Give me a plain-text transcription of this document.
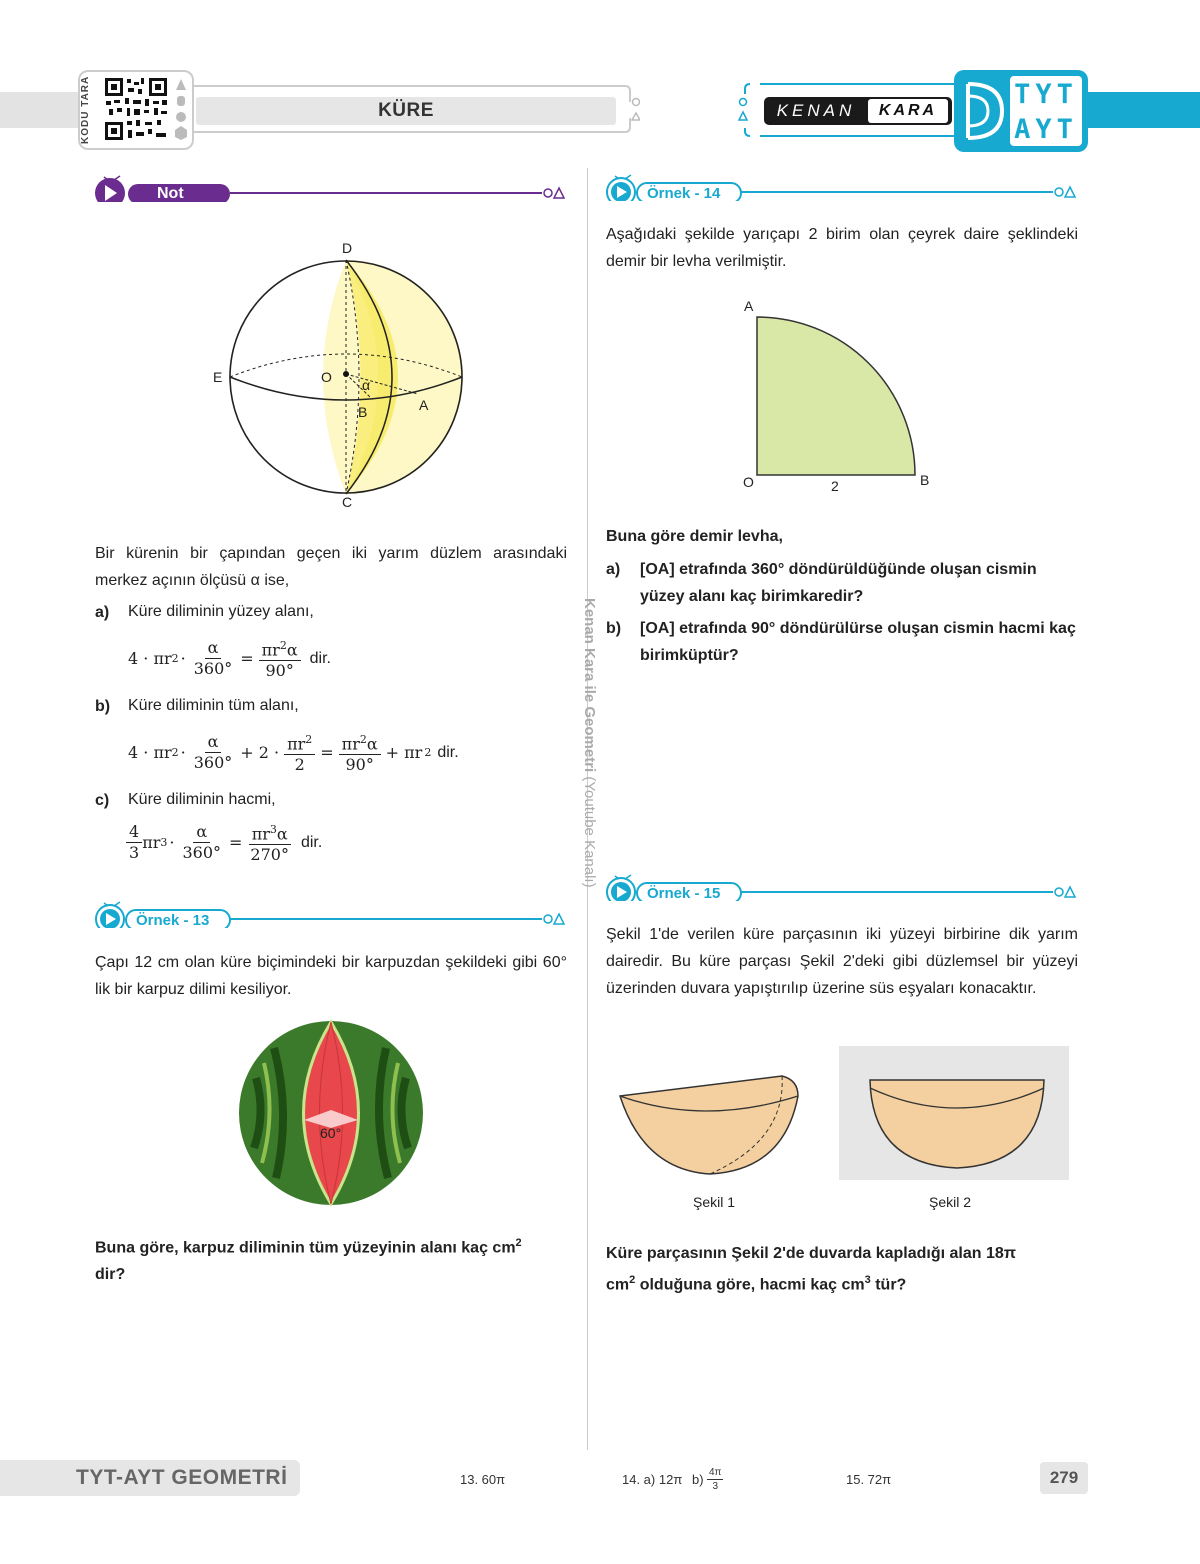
KODU TARA	KÜRE	KENAN	KARA
TYT
AYT
Kenan Kara ile Geometri (Youtube Kanalı)
Not
D
E	O α
B	A
C
Bir kürenin bir çapından geçen iki yarım düzlem arasındaki merkez açının ölçüsü α ise,
a) Küre diliminin yüzey alanı,
4 · πr $2 \cdot \frac{\alpha}{360^\circ} = \frac{\pi r^2\alpha}{90^\circ}$ dir.
b) Küre diliminin tüm alanı,
4 · πr $2 \cdot \frac{\alpha}{360^\circ} + 2 \cdot \frac{\pi r^2}{2} = \frac{\pi r^2\alpha}{90^\circ} + \pi r$ 2 dir.
c) Küre diliminin hacmi,
$\frac{4}{3}$ πr $3 \cdot \frac{\alpha}{360^\circ} = \frac{\pi r^3\alpha}{270^\circ}$ dir.
Örnek - 13
Çapı 12 cm olan küre biçimindeki bir karpuzdan şekildeki gibi 60° lik bir karpuz dilimi kesiliyor.
60°
Buna göre, karpuz diliminin tüm yüzeyinin alanı kaç $cm^2$
dir?
Örnek - 14
Aşağıdaki şekilde yarıçapı 2 birim olan çeyrek daire şeklindeki demir bir levha verilmiştir.
A
O	B
2
Buna göre demir levha,
a) [OA] etrafında 360° döndürüldüğünde oluşan cismin yüzey alanı kaç birimkaredir?
b) [OA] etrafında 90° döndürülürse oluşan cismin hacmi kaç birimküptür?
Örnek - 15
Şekil 1'de verilen küre parçasının iki yüzeyi birbirine dik yarım dairedir. Bu küre parçası Şekil 2'deki gibi düzlemsel bir yüzeyi üzerinden duvara yapıştırılıp üzerine süs eşyaları konacaktır.
Şekil 1	Şekil 2
Küre parçasının Şekil 2'de duvarda kapladığı alan 18π
$cm^2$ olduğuna göre, hacmi kaç $cm^3$ tür?
TYT-AYT GEOMETRİ	13. 60π	14. a) 12π b) 4π
3	15. 72π	279
